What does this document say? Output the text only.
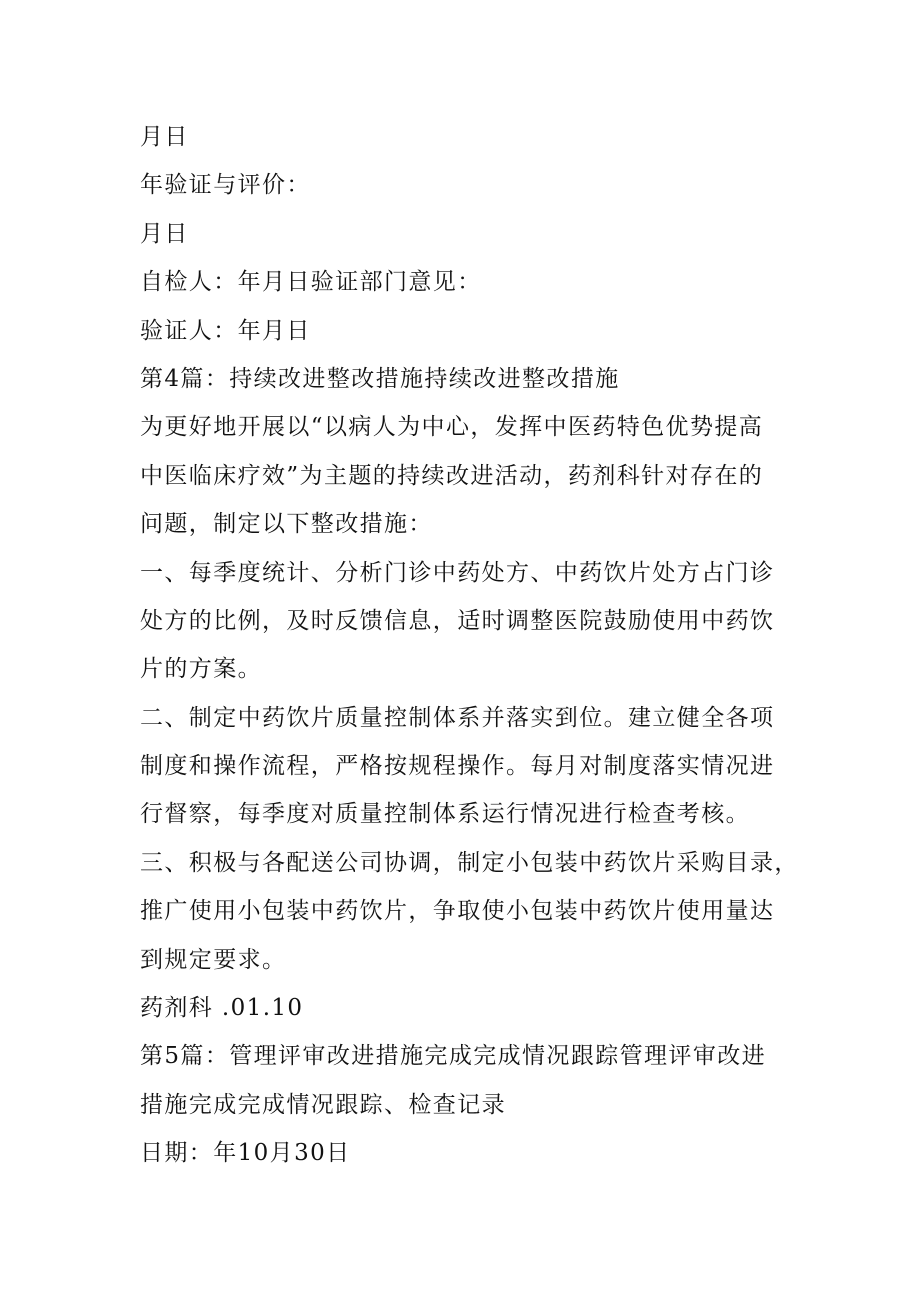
月日
年验证与评价：
月日
自检人：年月日验证部门意见：
验证人：年月日
第4篇：持续改进整改措施持续改进整改措施
为更好地开展以“以病人为中心，发挥中医药特色优势提高
中医临床疗效”为主题的持续改进活动，药剂科针对存在的
问题，制定以下整改措施：
一、每季度统计、分析门诊中药处方、中药饮片处方占门诊
处方的比例，及时反馈信息，适时调整医院鼓励使用中药饮
片的方案。
二、制定中药饮片质量控制体系并落实到位。建立健全各项
制度和操作流程，严格按规程操作。每月对制度落实情况进
行督察，每季度对质量控制体系运行情况进行检查考核。
三、积极与各配送公司协调，制定小包装中药饮片采购目录，
推广使用小包装中药饮片，争取使小包装中药饮片使用量达
到规定要求。
药剂科 .01.10
第5篇：管理评审改进措施完成完成情况跟踪管理评审改进
措施完成完成情况跟踪、检查记录
日期：年10月30日
